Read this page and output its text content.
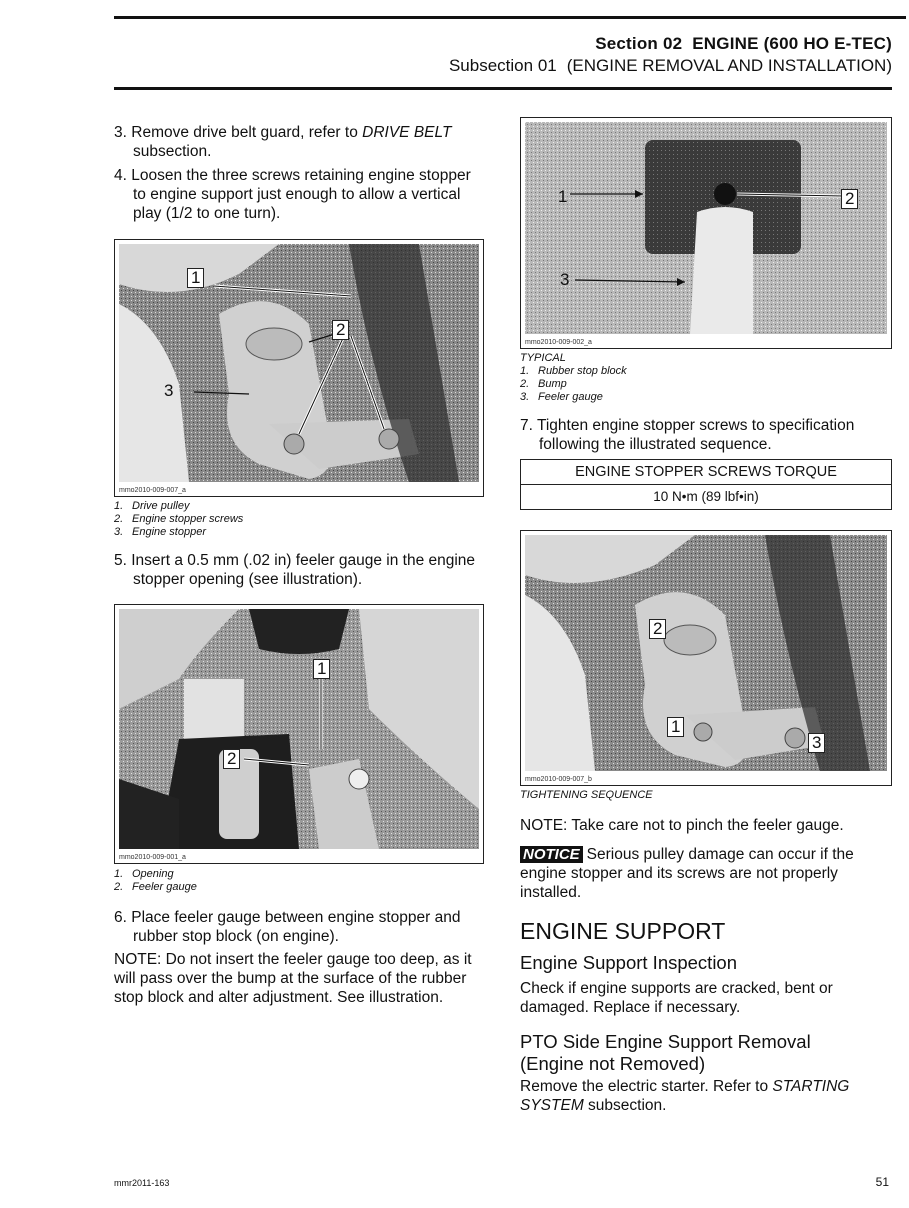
Section 02 ENGINE (600 HO E-TEC)
Subsection 01 (ENGINE REMOVAL AND INSTALLATION)

3. Remove drive belt guard, refer to DRIVE BELT subsection.

4. Loosen the three screws retaining engine stopper to engine support just enough to allow a vertical play (1/2 to one turn).

1
2
3
mmo2010-009-007_a
1. Drive pulley
2. Engine stopper screws
3. Engine stopper

5. Insert a 0.5 mm (.02 in) feeler gauge in the engine stopper opening (see illustration).

1
2
mmo2010-009-001_a
1. Opening
2. Feeler gauge

6. Place feeler gauge between engine stopper and rubber stop block (on engine).

NOTE: Do not insert the feeler gauge too deep, as it will pass over the bump at the surface of the rubber stop block and alter adjustment. See illustration.

1	2
3
mmo2010-009-002_a
TYPICAL
1. Rubber stop block
2. Bump
3. Feeler gauge

7. Tighten engine stopper screws to specification following the illustrated sequence.

ENGINE STOPPER SCREWS TORQUE
10 N•m (89 lbf•in)
2
1
3
mmo2010-009-007_b
TIGHTENING SEQUENCE

NOTE: Take care not to pinch the feeler gauge.

NOTICE Serious pulley damage can occur if the engine stopper and its screws are not properly installed.

ENGINE SUPPORT
Engine Support Inspection

Check if engine supports are cracked, bent or damaged. Replace if necessary.

PTO Side Engine Support Removal
(Engine not Removed)

Remove the electric starter. Refer to STARTING SYSTEM subsection.

mmr2011-163	51
